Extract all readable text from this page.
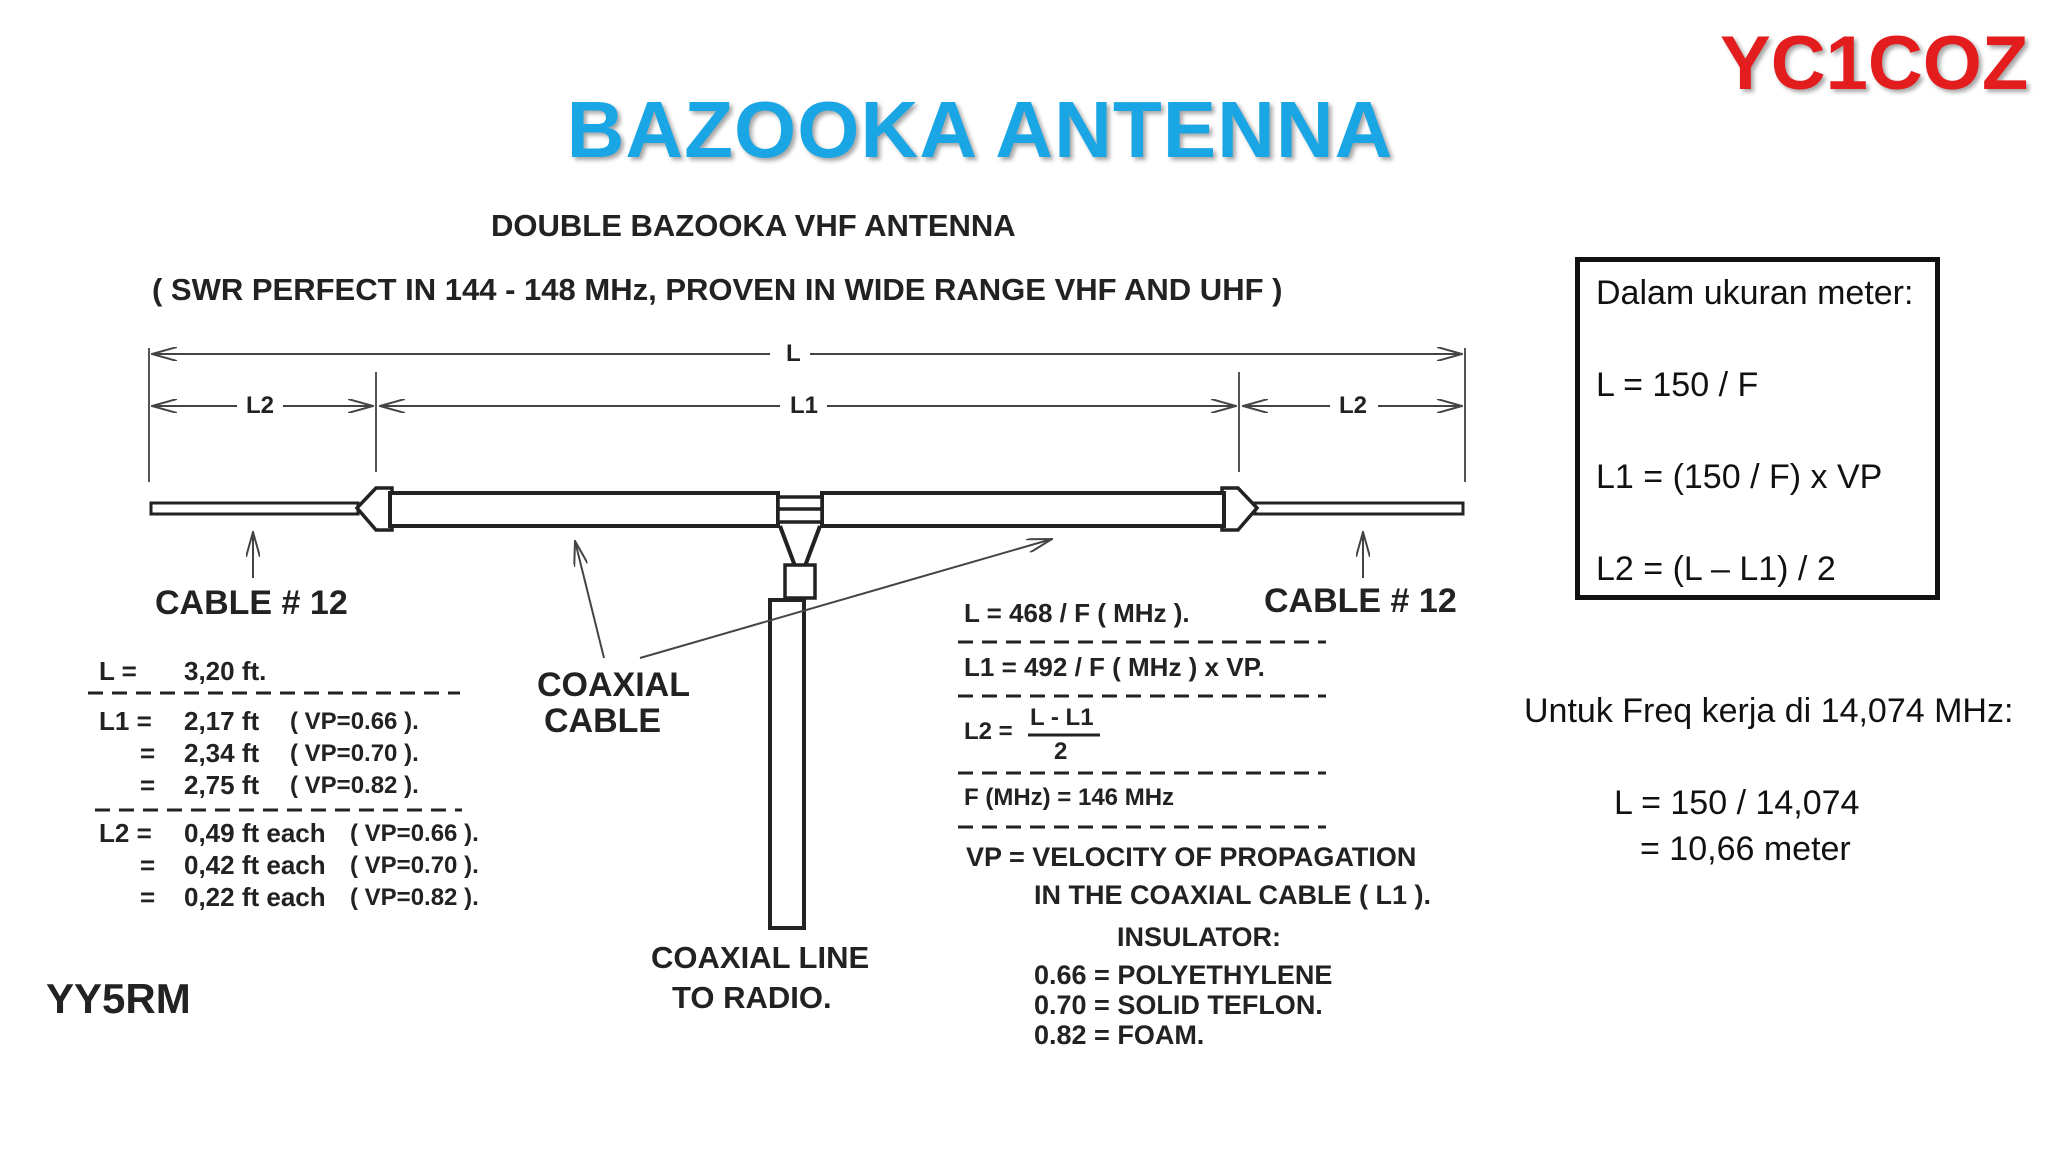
BAZOOKA ANTENNA
YC1COZ
DOUBLE BAZOOKA VHF ANTENNA
( SWR PERFECT IN 144 - 148 MHz, PROVEN IN WIDE RANGE VHF AND UHF )
L
L2	L1	L2
CABLE # 12	CABLE # 12
COAXIAL
CABLE
COAXIAL LINE
TO RADIO.
YY5RM
L = 3,20 ft.
L1 = 2,17 ft ( VP=0.66 ).
= 2,34 ft ( VP=0.70 ).
= 2,75 ft ( VP=0.82 ).
L2 = 0,49 ft each ( VP=0.66 ).
= 0,42 ft each ( VP=0.70 ).
= 0,22 ft each ( VP=0.82 ).
L = 468 / F ( MHz ).
L1 = 492 / F ( MHz ) x VP.
L2 =
L - L1
2
F (MHz) = 146 MHz
VP = VELOCITY OF PROPAGATION
IN THE COAXIAL CABLE ( L1 ).
INSULATOR:
0.66 = POLYETHYLENE
0.70 = SOLID TEFLON.
0.82 = FOAM.
Dalam ukuran meter:
L = 150 / F
L1 = (150 / F) x VP
L2 = (L – L1) / 2
Untuk Freq kerja di 14,074 MHz:
L = 150 / 14,074
= 10,66 meter
